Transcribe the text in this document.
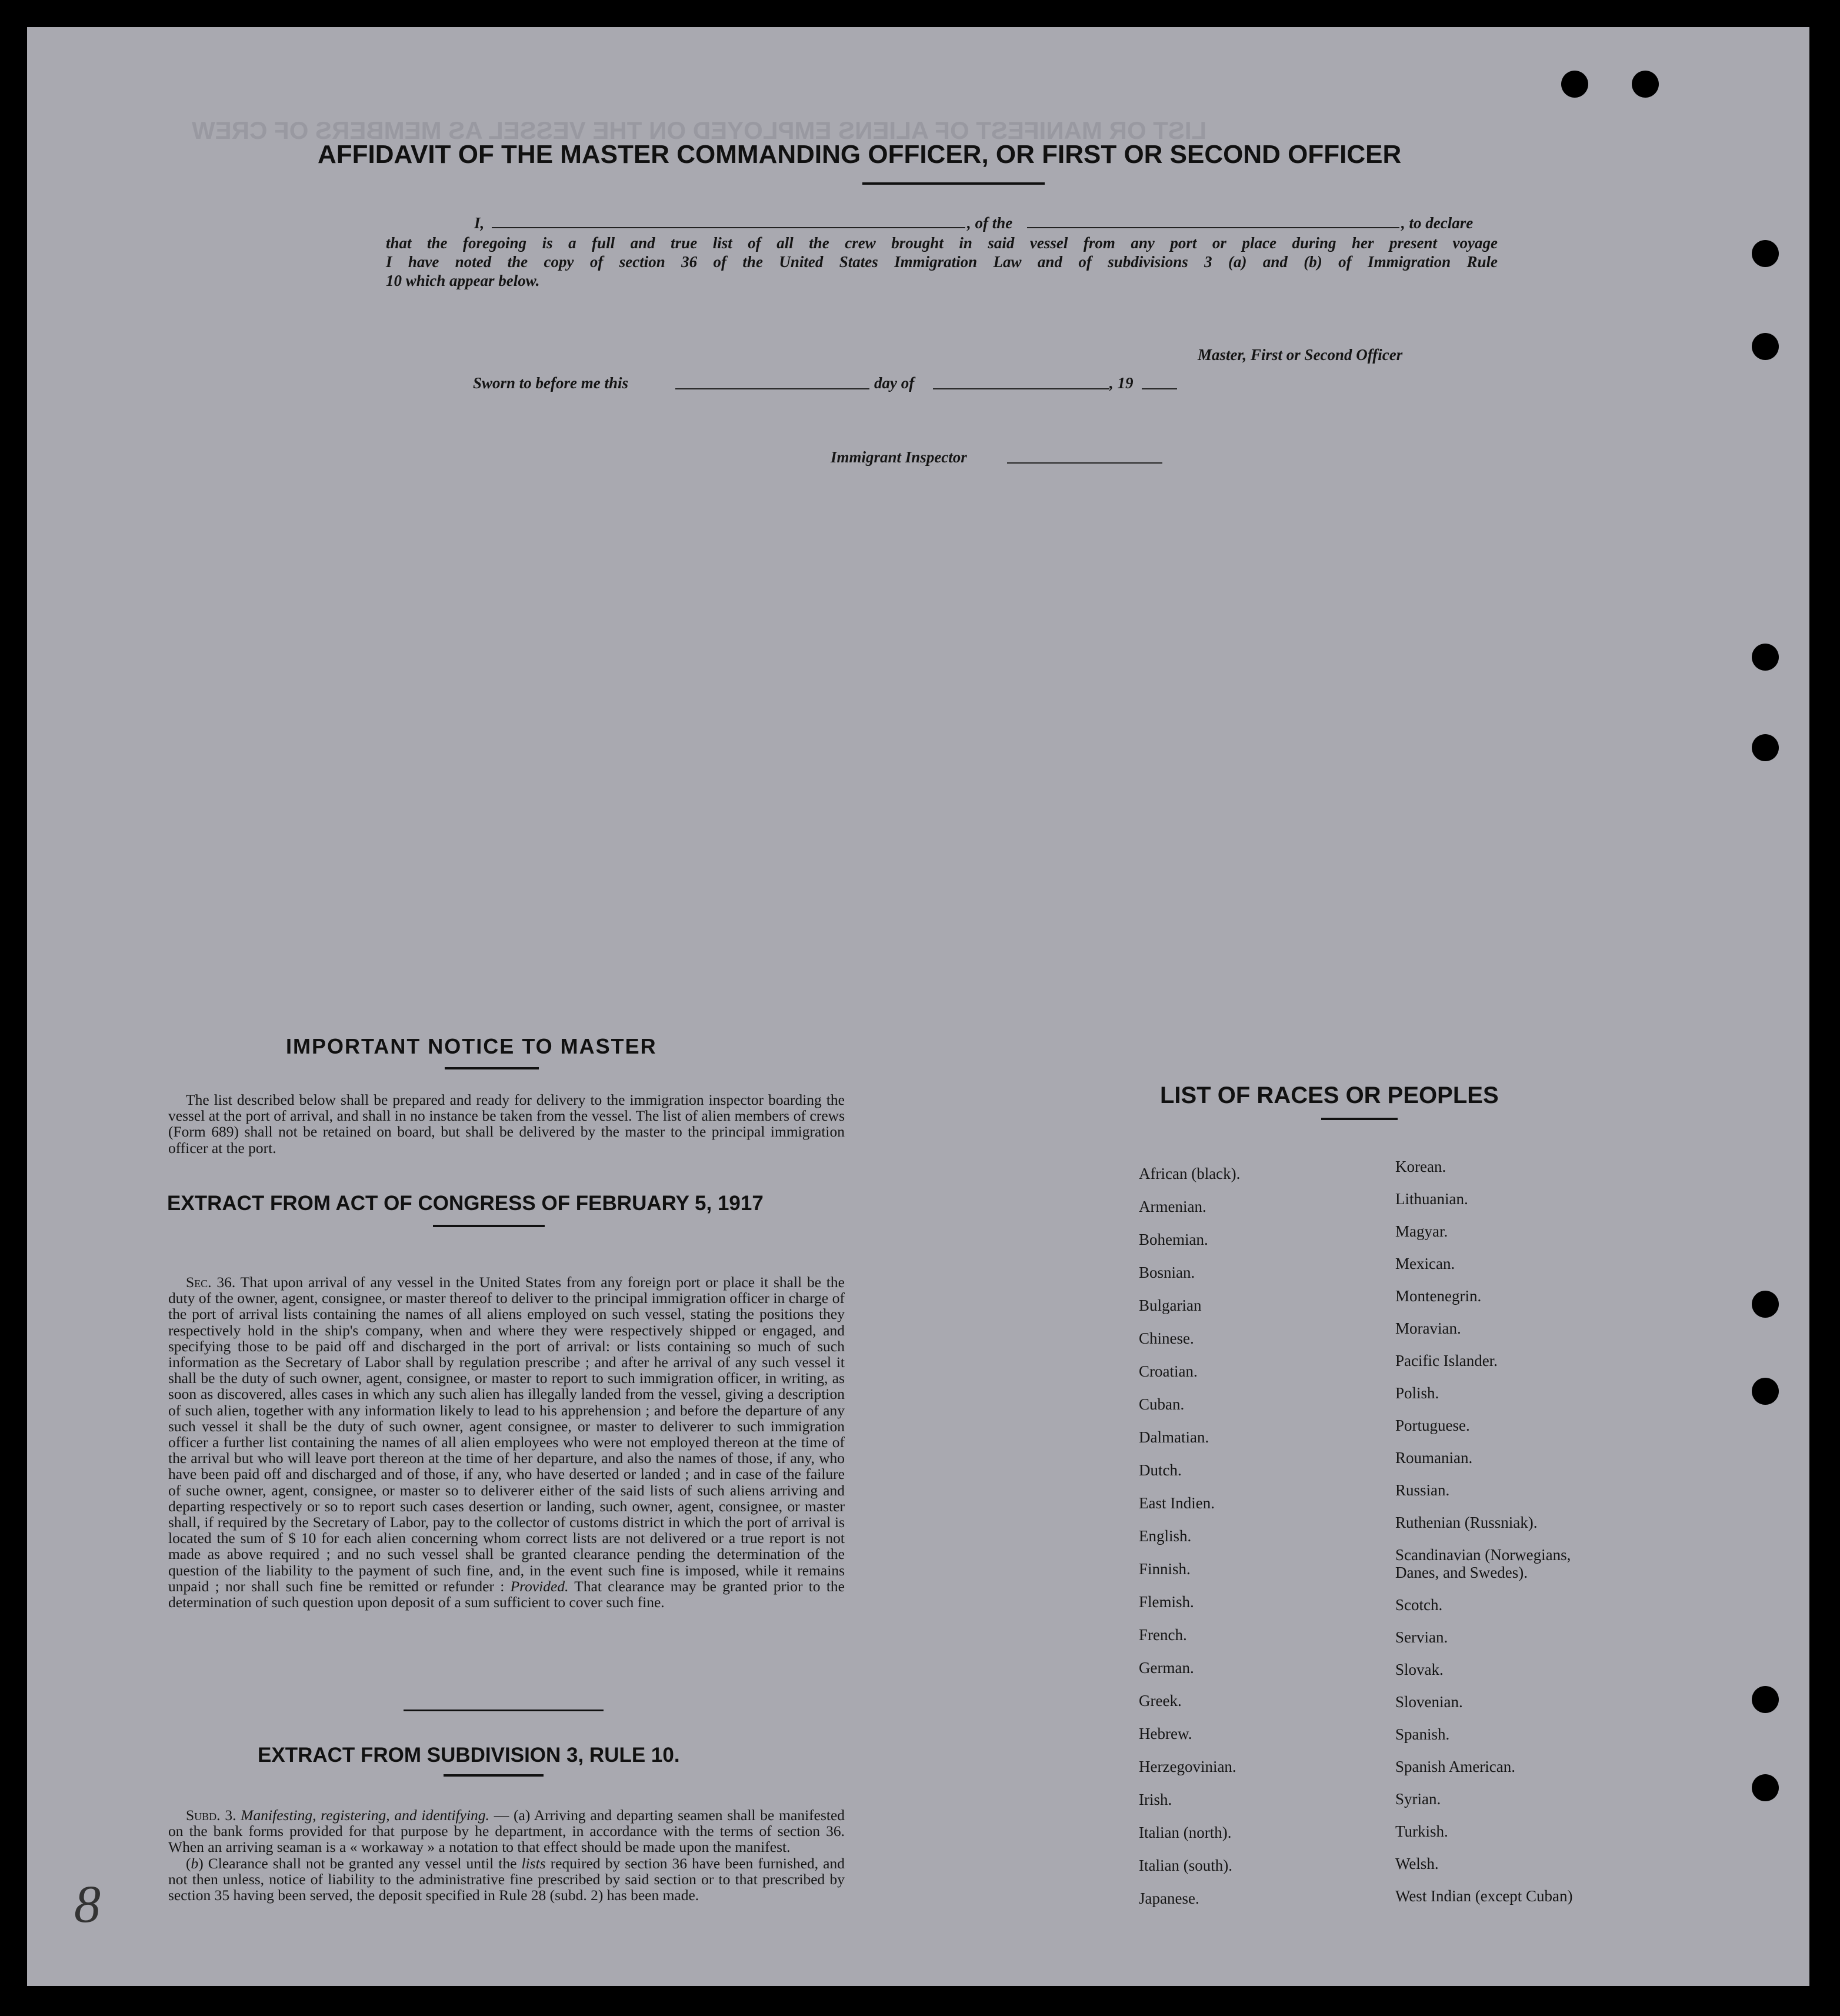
LIST OR MANIFEST OF ALIENS EMPLOYED ON THE VESSEL AS MEMBERS OF CREW
AFFIDAVIT OF THE MASTER COMMANDING OFFICER, OR FIRST OR SECOND OFFICER
I,	, of the	, to declare
that the foregoing is a full and true list of all the crew brought in said vessel from any port or place during her present voyage
I have noted the copy of section 36 of the United States Immigration Law and of subdivisions 3 (a) and (b) of Immigration Rule
10 which appear below.
Master, First or Second Officer
Sworn to before me this	day of	, 19
Immigrant Inspector
IMPORTANT NOTICE TO MASTER

The list described below shall be prepared and ready for delivery to the immigration inspector boarding the vessel at the port of arrival, and shall in no instance be taken from the vessel. The list of alien members of crews (Form 689) shall not be retained on board, but shall be delivered by the master to the principal immigration officer at the port.

EXTRACT FROM ACT OF CONGRESS OF FEBRUARY 5, 1917

Sec. 36. That upon arrival of any vessel in the United States from any foreign port or place it shall be the duty of the owner, agent, consignee, or master thereof to deliver to the principal immigration officer in charge of the port of arrival lists containing the names of all aliens employed on such vessel, stating the positions they respectively hold in the ship's company, when and where they were respectively shipped or engaged, and specifying those to be paid off and discharged in the port of arrival: or lists containing so much of such information as the Secretary of Labor shall by regulation prescribe ; and after he arrival of any such vessel it shall be the duty of such owner, agent, consignee, or master to report to such immigration officer, in writing, as soon as discovered, alles cases in which any such alien has illegally landed from the vessel, giving a description of such alien, together with any information likely to lead to his apprehension ; and before the departure of any such vessel it shall be the duty of such owner, agent consignee, or master to deliverer to such immigration officer a further list containing the names of all alien employees who were not employed thereon at the time of the arrival but who will leave port thereon at the time of her departure, and also the names of those, if any, who have been paid off and discharged and of those, if any, who have deserted or landed ; and in case of the failure of suche owner, agent, consignee, or master so to deliverer either of the said lists of such aliens arriving and departing respectively or so to report such cases desertion or landing, such owner, agent, consignee, or master shall, if required by the Secretary of Labor, pay to the collector of customs district in which the port of arrival is located the sum of $ 10 for each alien concerning whom correct lists are not delivered or a true report is not made as above required ; and no such vessel shall be granted clearance pending the determination of the question of the liability to the payment of such fine, and, in the event such fine is imposed, while it remains unpaid ; nor shall such fine be remitted or refunder : Provided. That clearance may be granted prior to the determination of such question upon deposit of a sum sufficient to cover such fine.

EXTRACT FROM SUBDIVISION 3, RULE 10.

Subd. 3. Manifesting, registering, and identifying. — (a) Arriving and departing seamen shall be manifested on the bank forms provided for that purpose by he department, in accordance with the terms of section 36. When an arriving seaman is a « workaway » a notation to that effect should be made upon the manifest.

(b) Clearance shall not be granted any vessel until the lists required by section 36 have been furnished, and not then unless, notice of liability to the administrative fine prescribed by said section or to that prescribed by section 35 having been served, the deposit specified in Rule 28 (subd. 2) has been made.

LIST OF RACES OR PEOPLES
8
African (black).
Armenian.
Bohemian.
Bosnian.
Bulgarian
Chinese.
Croatian.
Cuban.
Dalmatian.
Dutch.
East Indien.
English.
Finnish.
Flemish.
French.
German.
Greek.
Hebrew.
Herzegovinian.
Irish.
Italian (north).
Italian (south).
Japanese.
Korean.
Lithuanian.
Magyar.
Mexican.
Montenegrin.
Moravian.
Pacific Islander.
Polish.
Portuguese.
Roumanian.
Russian.
Ruthenian (Russniak).
Scandinavian (Norwegians,
Danes, and Swedes).
Scotch.
Servian.
Slovak.
Slovenian.
Spanish.
Spanish American.
Syrian.
Turkish.
Welsh.
West Indian (except Cuban)
